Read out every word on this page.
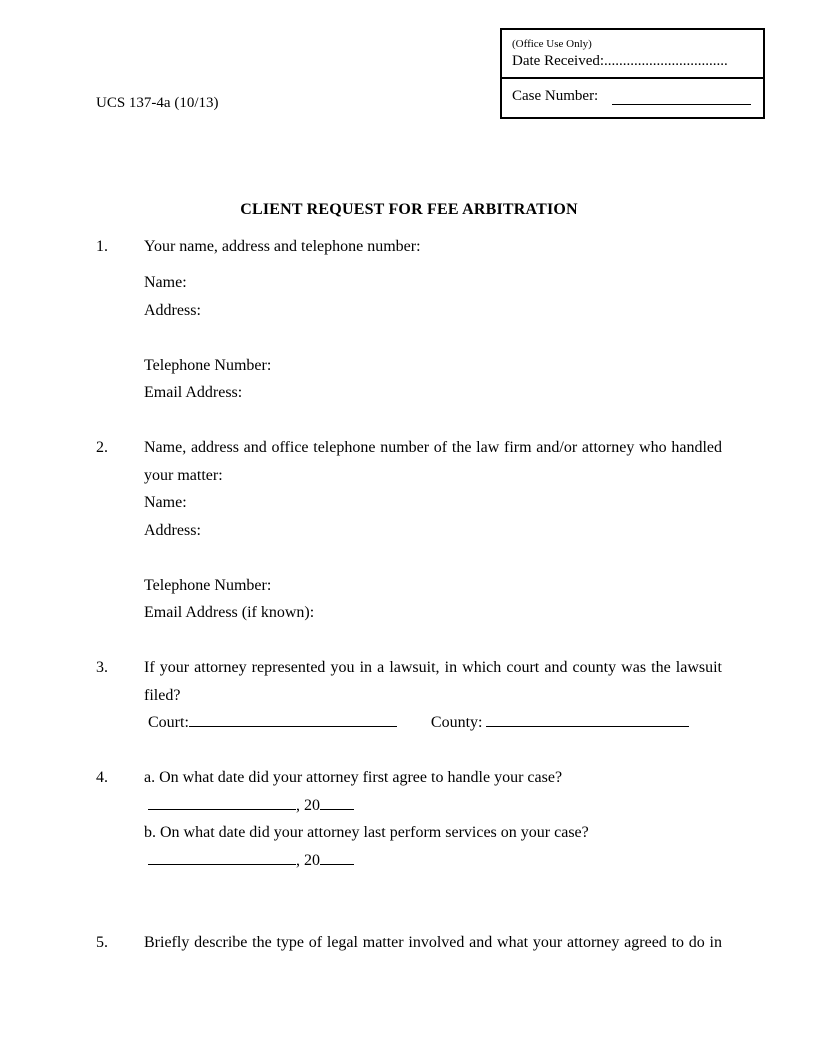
(Office Use Only)
Date Received:.................................
Case Number:
UCS 137-4a (10/13)
CLIENT REQUEST FOR FEE ARBITRATION
1.	Your name, address and telephone number:

Name:

Address:

Telephone Number:

Email Address:

2.	Name, address and office telephone number of the law firm and/or attorney who handled your matter:

Name:

Address:

Telephone Number:

Email Address (if known):

3.	If your attorney represented you in a lawsuit, in which court and county was the lawsuit filed?

Court:	County:

4.	a. On what date did your attorney first agree to handle your case?

, 20

b. On what date did your attorney last perform services on your case?

, 20

5.	Briefly describe the type of legal matter involved and what your attorney agreed to do in
